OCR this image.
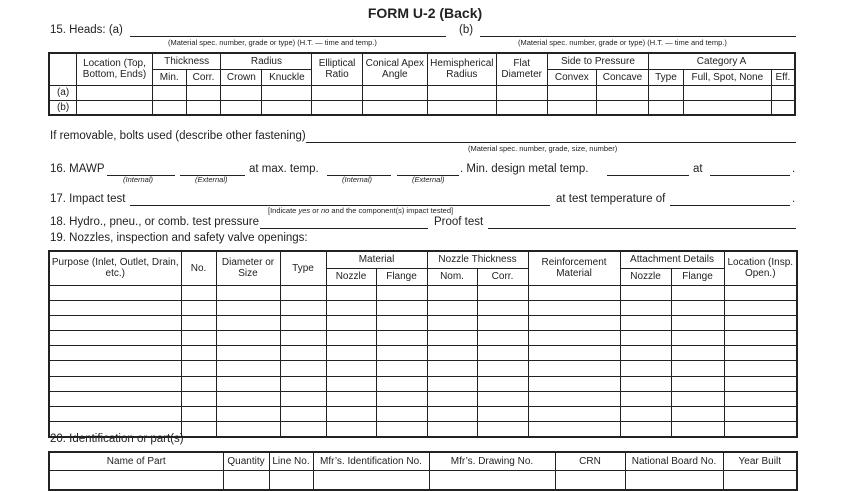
FORM U-2 (Back)
15. Heads: (a)
(Material spec. number, grade or type) (H.T. — time and temp.)
(b)
(Material spec. number, grade or type) (H.T. — time and temp.)
	Location (Top, Bottom, Ends)	Thickness		Radius		Elliptical Ratio	Conical Apex Angle	Hemispherical Radius	Flat Diameter	Side to Pressure		Category A		
		Min.	Corr.	Crown	Knuckle					Convex	Concave	Type	Full, Spot, None	Eff.
(a)														
(b)														
If removable, bolts used (describe other fastening)
(Material spec. number, grade, size, number)
16. MAWP
(Internal)	(External)
at max. temp.
(Internal)	(External)
. Min. design metal temp.	at	.
17. Impact test
[Indicate yes or no and the component(s) impact tested]
at test temperature of	.
18. Hydro., pneu., or comb. test pressure	Proof test
19. Nozzles, inspection and safety valve openings:
Purpose (Inlet, Outlet, Drain, etc.)	No.	Diameter or Size	Type	Material		Nozzle Thickness		Reinforcement Material	Attachment Details		Location (Insp. Open.)
				Nozzle	Flange	Nom.	Corr.		Nozzle	Flange	

20. Identification or part(s)
Name of Part	Quantity	Line No.	Mfr’s. Identification No.	Mfr’s. Drawing No.	CRN	National Board No.	Year Built
